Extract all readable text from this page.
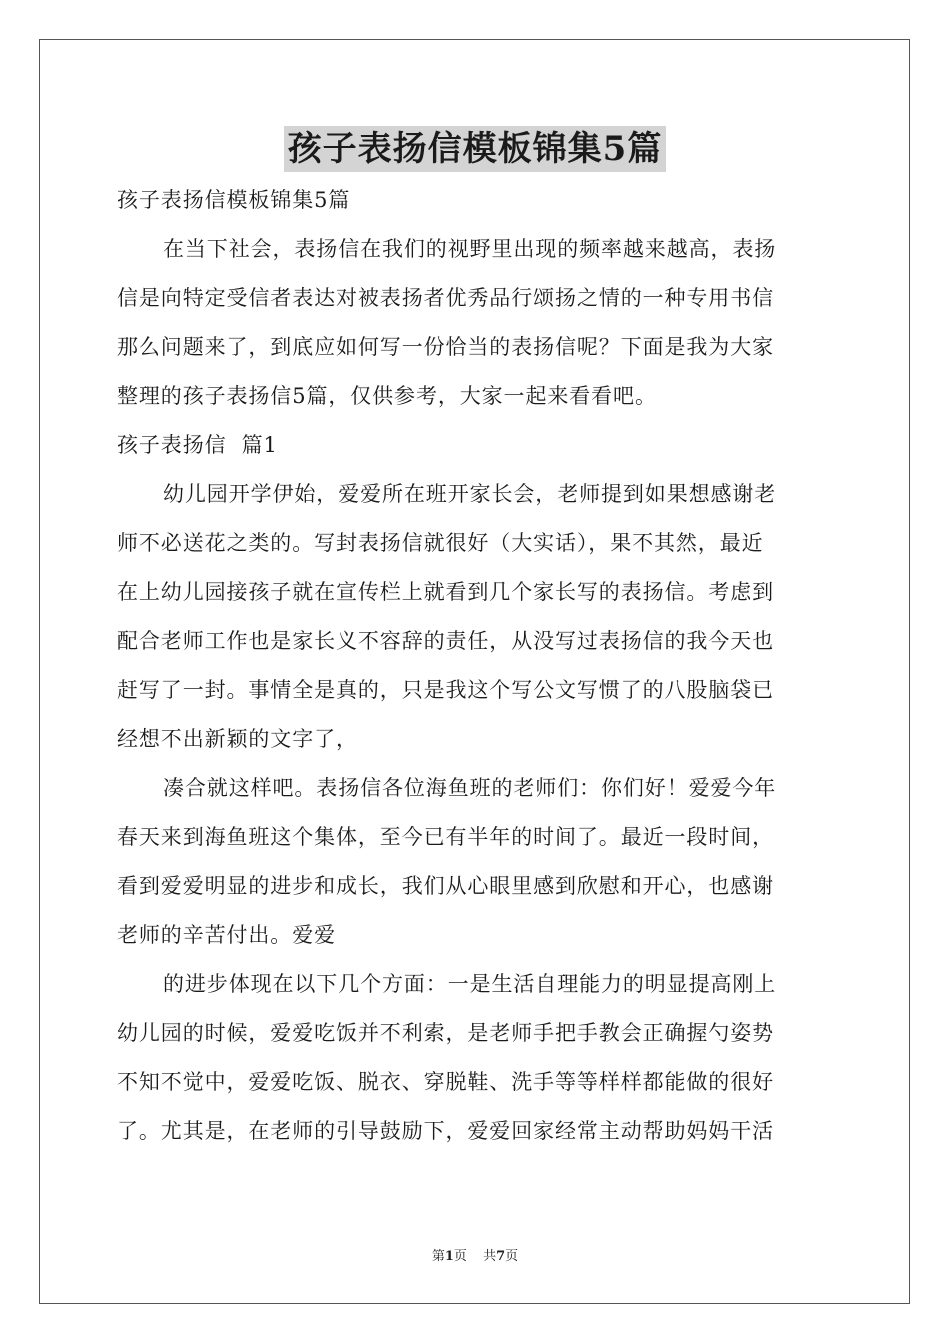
孩子表扬信模板锦集5篇
孩子表扬信模板锦集5篇
在当下社会，表扬信在我们的视野里出现的频率越来越高，表扬
信是向特定受信者表达对被表扬者优秀品行颂扬之情的一种专用书信
那么问题来了，到底应如何写一份恰当的表扬信呢？下面是我为大家
整理的孩子表扬信5篇，仅供参考，大家一起来看看吧。
孩子表扬信  篇1
幼儿园开学伊始，爱爱所在班开家长会，老师提到如果想感谢老
师不必送花之类的。写封表扬信就很好（大实话），果不其然，最近
在上幼儿园接孩子就在宣传栏上就看到几个家长写的表扬信。考虑到
配合老师工作也是家长义不容辞的责任，从没写过表扬信的我今天也
赶写了一封。事情全是真的，只是我这个写公文写惯了的八股脑袋已
经想不出新颖的文字了，
凑合就这样吧。表扬信各位海鱼班的老师们：你们好！爱爱今年
春天来到海鱼班这个集体，至今已有半年的时间了。最近一段时间，
看到爱爱明显的进步和成长，我们从心眼里感到欣慰和开心，也感谢
老师的辛苦付出。爱爱
的进步体现在以下几个方面：一是生活自理能力的明显提高刚上
幼儿园的时候，爱爱吃饭并不利索，是老师手把手教会正确握勺姿势
不知不觉中，爱爱吃饭、脱衣、穿脱鞋、洗手等等样样都能做的很好
了。尤其是，在老师的引导鼓励下，爱爱回家经常主动帮助妈妈干活
第1页 共7页
